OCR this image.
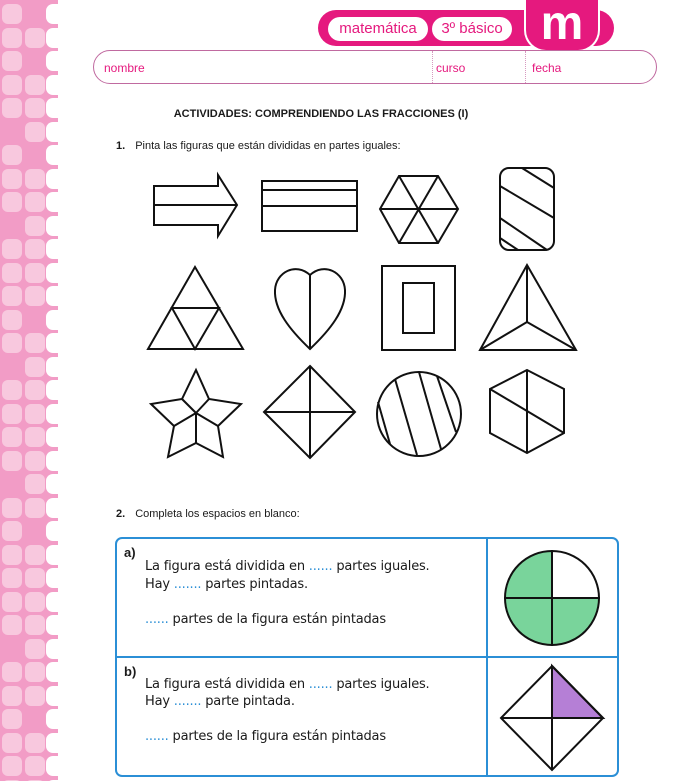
matemática	3º básico m
nombre	curso	fecha
ACTIVIDADES: COMPRENDIENDO LAS FRACCIONES (I)
1. Pinta las figuras que están divididas en partes iguales:
2. Completa los espacios en blanco:
a)
La figura está dividida en ...... partes iguales.
Hay ....... partes pintadas.
...... partes de la figura están pintadas
b)
La figura está dividida en ...... partes iguales.
Hay ....... parte pintada.
...... partes de la figura están pintadas
